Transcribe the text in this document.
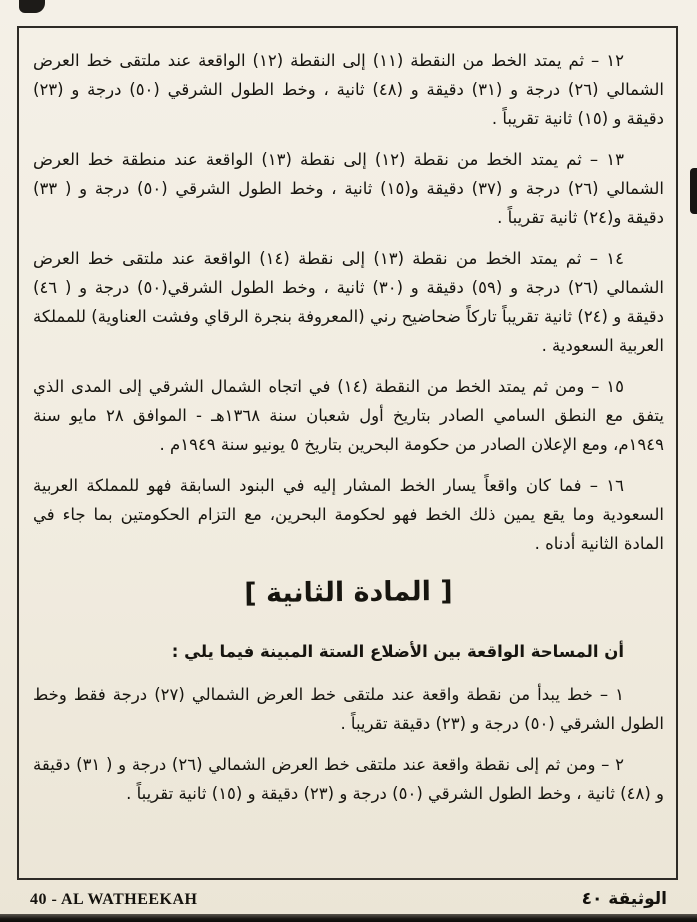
١٢ – ثم يمتد الخط من النقطة (١١) إلى النقطة (١٢) الواقعة عند ملتقى خط العرض الشمالي (٢٦) درجة و (٣١) دقيقة و (٤٨) ثانية ، وخط الطول الشرقي (٥٠) درجة و (٢٣) دقيقة و (١٥) ثانية تقريباً .

١٣ – ثم يمتد الخط من نقطة (١٢) إلى نقطة (١٣) الواقعة عند منطقة خط العرض الشمالي (٢٦) درجة و (٣٧) دقيقة و(١٥) ثانية ، وخط الطول الشرقي (٥٠) درجة و ( ٣٣) دقيقة و(٢٤) ثانية تقريباً .

١٤ – ثم يمتد الخط من نقطة (١٣) إلى نقطة (١٤) الواقعة عند ملتقى خط العرض الشمالي (٢٦) درجة و (٥٩) دقيقة و (٣٠) ثانية ، وخط الطول الشرقي(٥٠) درجة و ( ٤٦) دقيقة و (٢٤) ثانية تقريباً تاركاً ضحاضيح رني (المعروفة بنجرة الرقاي وفشت العناوية) للمملكة العربية السعودية .

١٥ – ومن ثم يمتد الخط من النقطة (١٤) في اتجاه الشمال الشرقي إلى المدى الذي يتفق مع النطق السامي الصادر بتاريخ أول شعبان سنة ١٣٦٨هـ - الموافق ٢٨ مايو سنة ١٩٤٩م، ومع الإعلان الصادر من حكومة البحرين بتاريخ ٥ يونيو سنة ١٩٤٩م .

١٦ – فما كان واقعاً يسار الخط المشار إليه في البنود السابقة فهو للمملكة العربية السعودية وما يقع يمين ذلك الخط فهو لحكومة البحرين، مع التزام الحكومتين بما جاء في المادة الثانية أدناه .

[ المادة الثانية ]

أن المساحة الواقعة بين الأضلاع الستة المبينة فيما يلي :

١ – خط يبدأ من نقطة واقعة عند ملتقى خط العرض الشمالي (٢٧) درجة فقط وخط الطول الشرقي (٥٠) درجة و (٢٣) دقيقة تقريباً .

٢ – ومن ثم إلى نقطة واقعة عند ملتقى خط العرض الشمالي (٢٦) درجة و ( ٣١) دقيقة و (٤٨) ثانية ، وخط الطول الشرقي (٥٠) درجة و (٢٣) دقيقة و (١٥) ثانية تقريباً .

40 - AL WATHEEKAH	الوثيقة ٤٠
